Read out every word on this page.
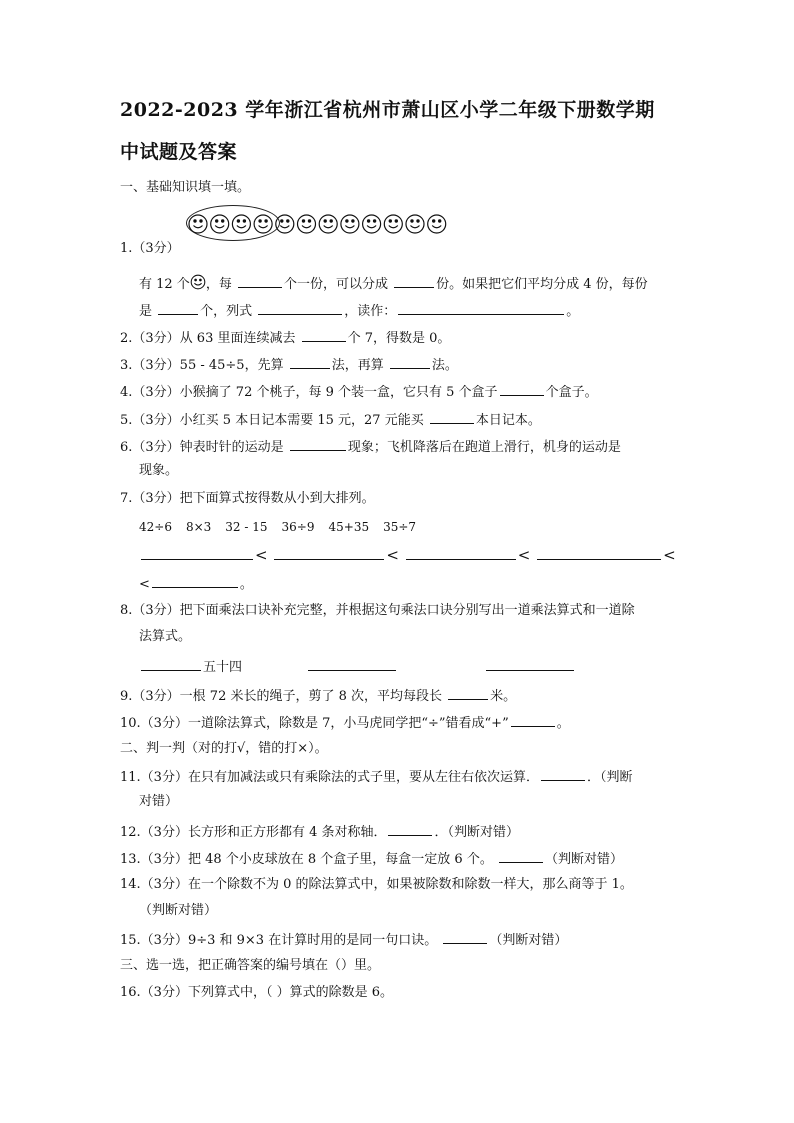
2022-2023 学年浙江省杭州市萧山区小学二年级下册数学期
中试题及答案
一、基础知识填一填。
1.（3分）
有 12 个 ，每	个一份，可以分成	份。如果把它们平均分成 4 份，每份
是	个，列式	，读作：	。
2.（3分）从 63 里面连续减去	个 7，得数是 0。
3.（3分）55 - 45÷5，先算	法，再算	法。
4.（3分）小猴摘了 72 个桃子，每 9 个装一盒，它只有 5 个盒子	个盒子。
5.（3分）小红买 5 本日记本需要 15 元，27 元能买	本日记本。
6.（3分）钟表时针的运动是	现象；飞机降落后在跑道上滑行，机身的运动是
现象。
7.（3分）把下面算式按得数从小到大排列。
42÷6 8×3 32 - 15 36÷9 45+35 35÷7
<	<	<	<
<	。
8.（3分）把下面乘法口诀补充完整，并根据这句乘法口诀分别写出一道乘法算式和一道除
法算式。
五十四
9.（3分）一根 72 米长的绳子，剪了 8 次，平均每段长	米。
10.（3分）一道除法算式，除数是 7，小马虎同学把“÷”错看成“+”	。
二、判一判（对的打√，错的打×）。
11.（3分）在只有加减法或只有乘除法的式子里，要从左往右依次运算．	．（判断
对错）
12.（3分）长方形和正方形都有 4 条对称轴．	．（判断对错）
13.（3分）把 48 个小皮球放在 8 个盒子里，每盒一定放 6 个。	（判断对错）
14.（3分）在一个除数不为 0 的除法算式中，如果被除数和除数一样大，那么商等于 1。
（判断对错）
15.（3分）9÷3 和 9×3 在计算时用的是同一句口诀。	（判断对错）
三、选一选，把正确答案的编号填在（）里。
16.（3分）下列算式中，（ ）算式的除数是 6。
